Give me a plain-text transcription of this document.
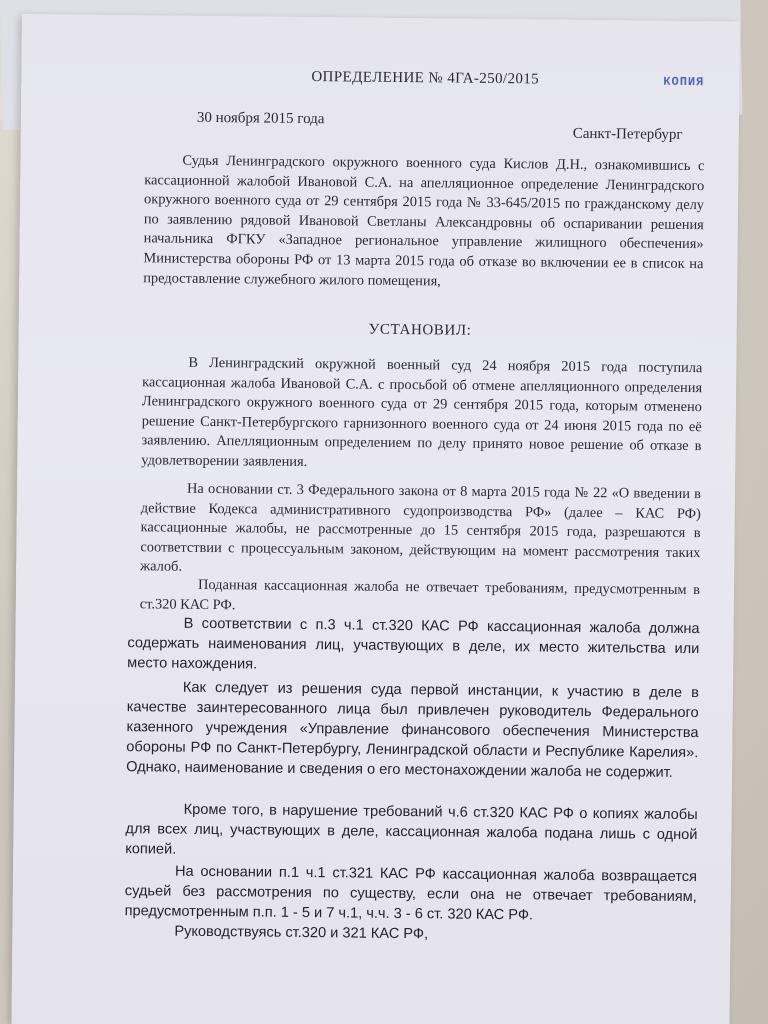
ОПРЕДЕЛЕНИЕ № 4ГА-250/2015	КОПИЯ
30 ноября 2015 года
Санкт-Петербург
Судья Ленинградского окружного военного суда Кислов Д.Н., ознакомившись с кассационной жалобой Ивановой С.А. на апелляционное определение Ленинградского окружного военного суда от 29 сентября 2015 года № 33-645/2015 по гражданскому делу по заявлению рядовой Ивановой Светланы Александровны об оспаривании решения начальника ФГКУ «Западное региональное управление жилищного обеспечения» Министерства обороны РФ от 13 марта 2015 года об отказе во включении ее в список на предоставление служебного жилого помещения,
УСТАНОВИЛ:
В Ленинградский окружной военный суд 24 ноября 2015 года поступила кассационная жалоба Ивановой С.А. с просьбой об отмене апелляционного определения Ленинградского окружного военного суда от 29 сентября 2015 года, которым отменено решение Санкт-Петербургского гарнизонного военного суда от 24 июня 2015 года по её заявлению. Апелляционным определением по делу принято новое решение об отказе в удовлетворении заявления.
На основании ст. 3 Федерального закона от 8 марта 2015 года № 22 «О введении в действие Кодекса административного судопроизводства РФ» (далее – КАС РФ) кассационные жалобы, не рассмотренные до 15 сентября 2015 года, разрешаются в соответствии с процессуальным законом, действующим на момент рассмотрения таких жалоб.
Поданная кассационная жалоба не отвечает требованиям, предусмотренным в ст.320 КАС РФ.
В соответствии с п.3 ч.1 ст.320 КАС РФ кассационная жалоба должна содержать наименования лиц, участвующих в деле, их место жительства или место нахождения.
Как следует из решения суда первой инстанции, к участию в деле в качестве заинтересованного лица был привлечен руководитель Федерального казенного учреждения «Управление финансового обеспечения Министерства обороны РФ по Санкт-Петербургу, Ленинградской области и Республике Карелия». Однако, наименование и сведения о его местонахождении жалоба не содержит.
Кроме того, в нарушение требований ч.6 ст.320 КАС РФ о копиях жалобы для всех лиц, участвующих в деле, кассационная жалоба подана лишь с одной копией.
На основании п.1 ч.1 ст.321 КАС РФ кассационная жалоба возвращается судьей без рассмотрения по существу, если она не отвечает требованиям, предусмотренным п.п. 1 - 5 и 7 ч.1, ч.ч. 3 - 6 ст. 320 КАС РФ.
Руководствуясь ст.320 и 321 КАС РФ,
